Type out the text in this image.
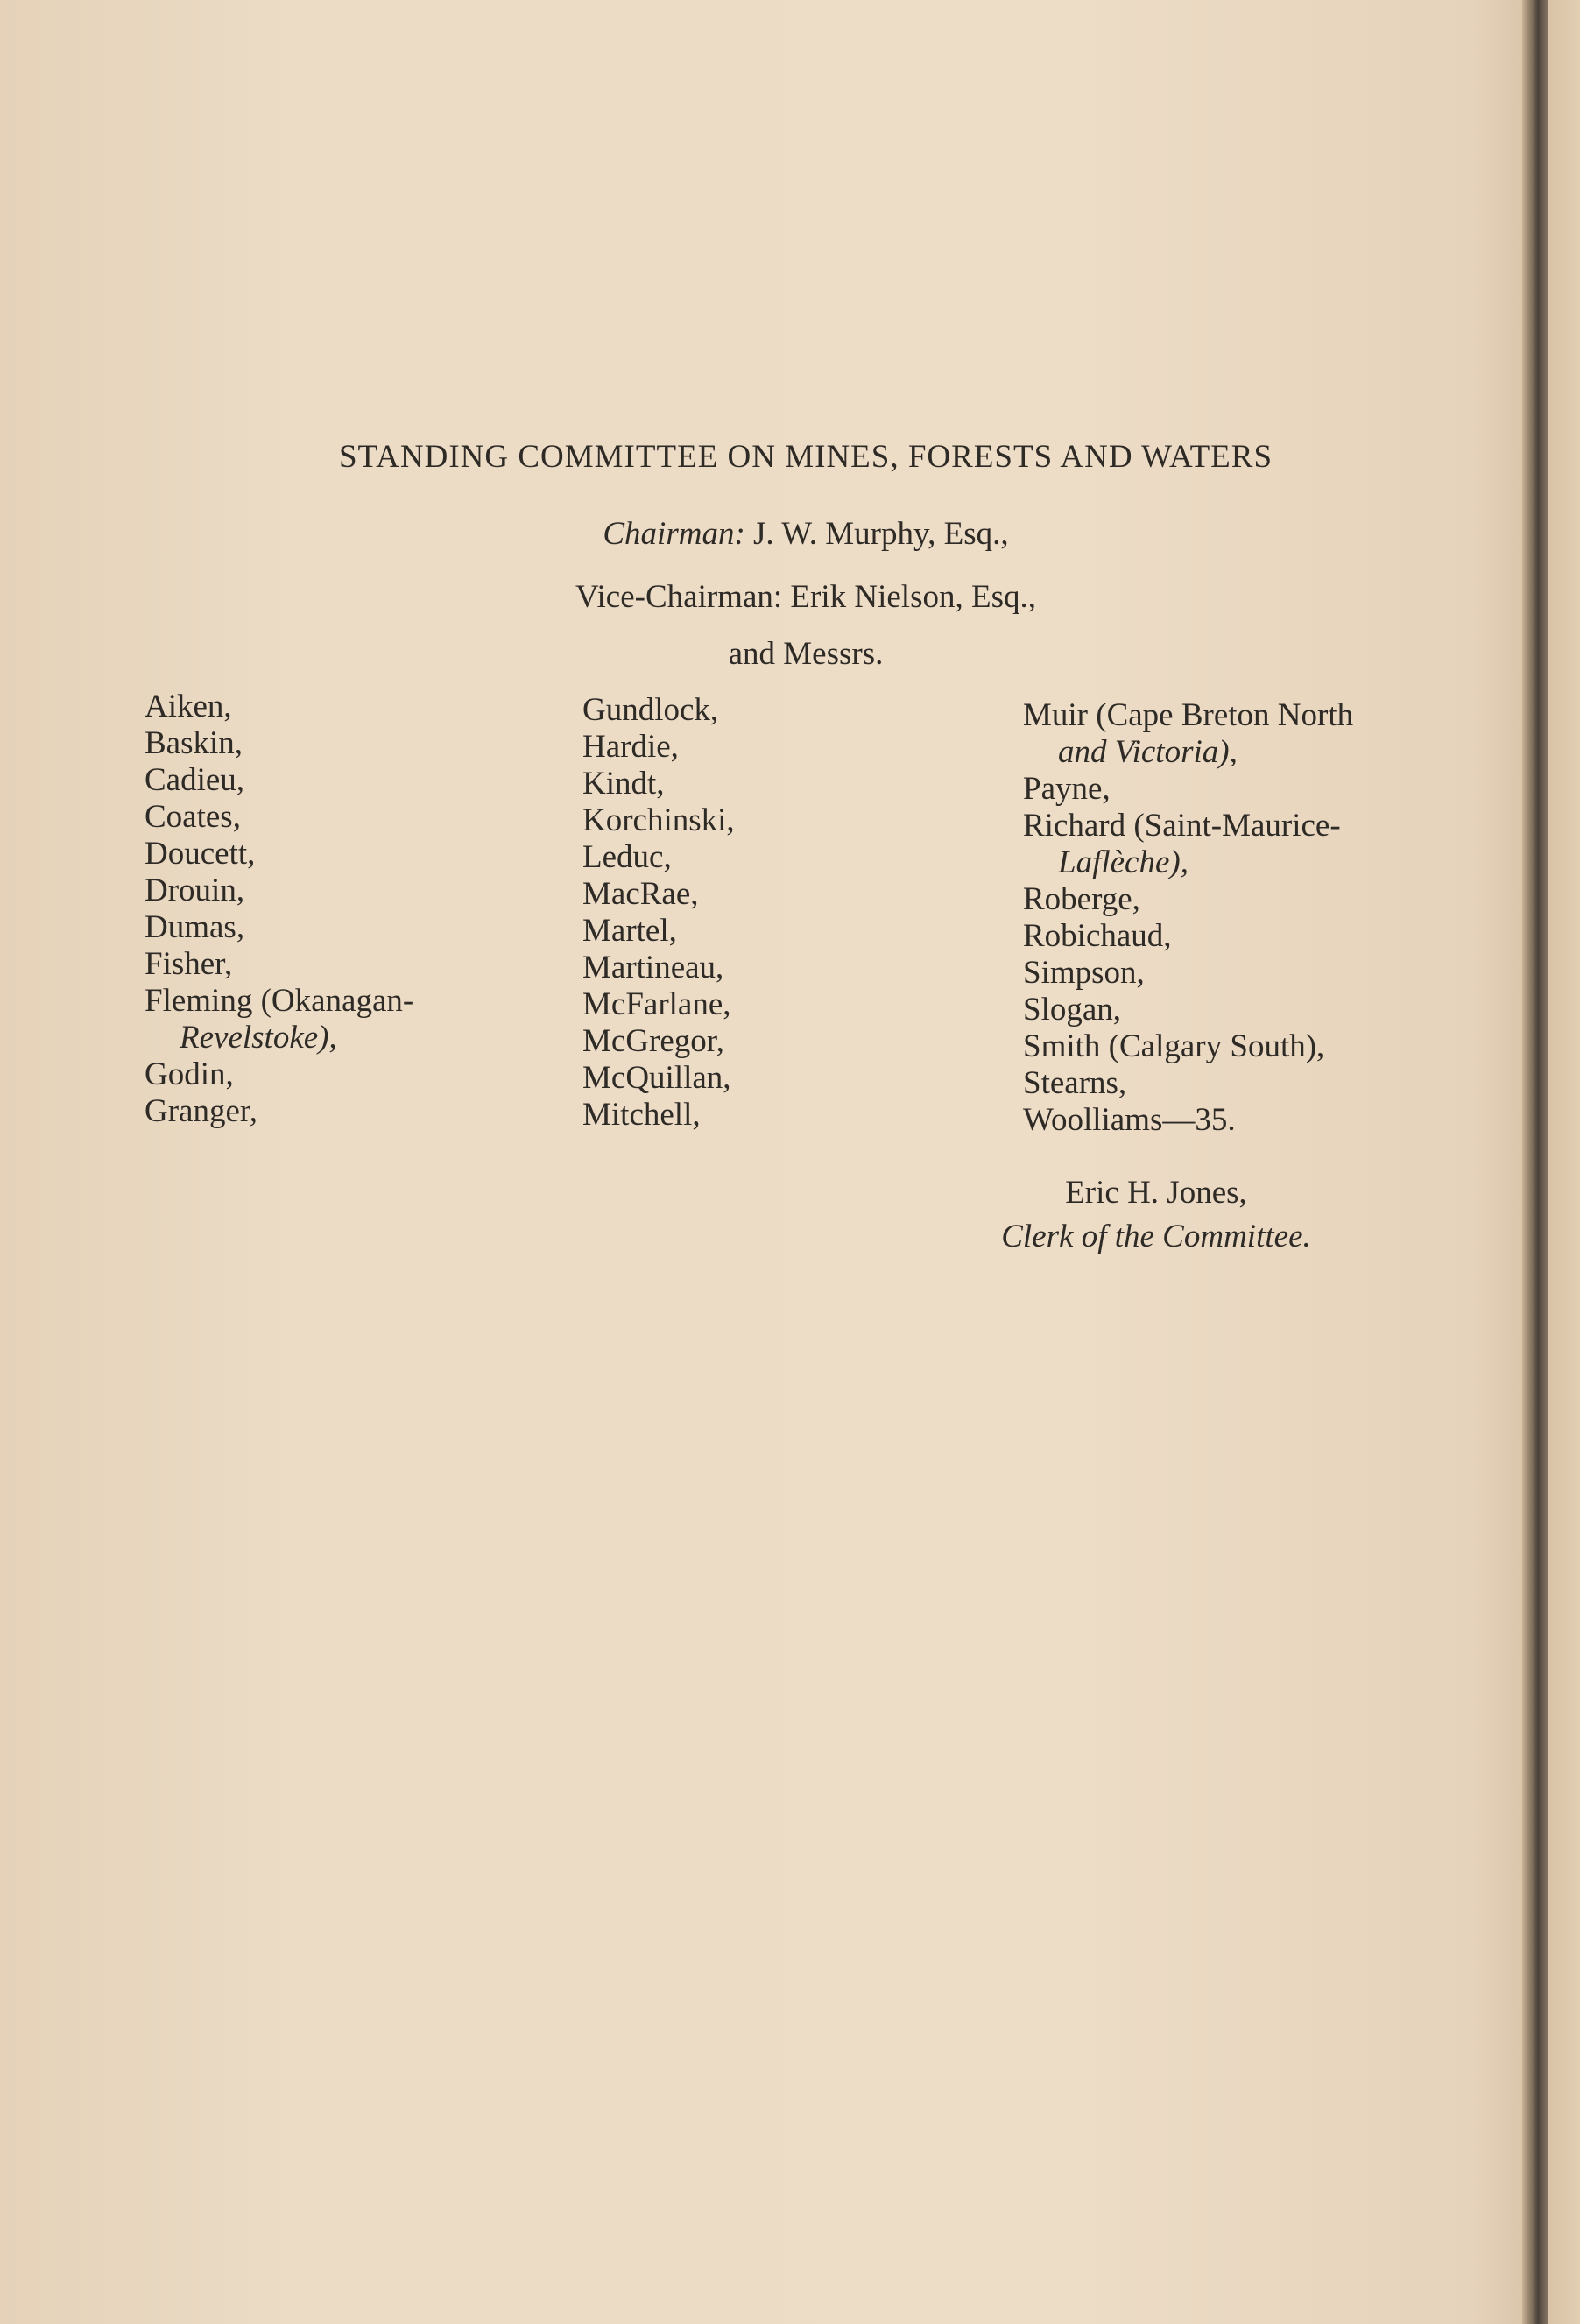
STANDING COMMITTEE ON MINES, FORESTS AND WATERS
Chairman: J. W. Murphy, Esq.,
Vice-Chairman: Erik Nielson, Esq.,
and Messrs.
Aiken,
Baskin,
Cadieu,
Coates,
Doucett,
Drouin,
Dumas,
Fisher,
Fleming (Okanagan-
Revelstoke),
Godin,
Granger,
Gundlock,
Hardie,
Kindt,
Korchinski,
Leduc,
MacRae,
Martel,
Martineau,
McFarlane,
McGregor,
McQuillan,
Mitchell,
Muir (Cape Breton North
and Victoria),
Payne,
Richard (Saint-Maurice-
Laflèche),
Roberge,
Robichaud,
Simpson,
Slogan,
Smith (Calgary South),
Stearns,
Woolliams—35.
Eric H. Jones,
Clerk of the Committee.
